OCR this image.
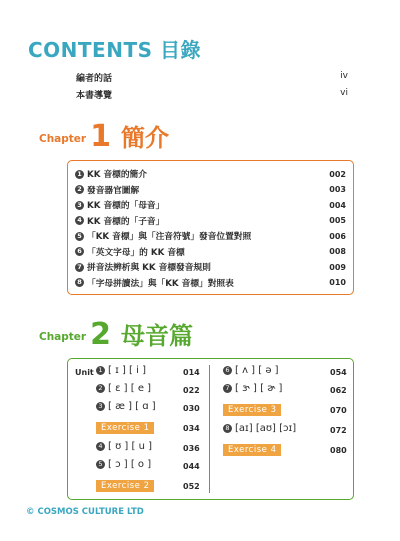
CONTENTS 目錄
編者的話	iv
本書導覽	vi
Chapter 1 簡介
1 KK 音標的簡介	002
2 發音器官圖解	003
3 KK 音標的「母音」	004
4 KK 音標的「子音」	005
5 「KK 音標」與「注音符號」發音位置對照	006
6 「英文字母」的 KK 音標	008
7 拼音法辨析與 KK 音標發音規則	009
8 「字母拼讀法」與「KK 音標」對照表	010
Chapter 2 母音篇
Unit 1 [ ɪ ] [ i ]	014
2 [ ɛ ] [ e ]	022
3 [ æ ] [ ɑ ]	030
Exercise 1	034
4 [ ʊ ] [ u ]	036
5 [ ɔ ] [ o ]	044
Exercise 2	052
6 [ ʌ ] [ ə ]	054
7 [ ɝ ] [ ɚ ]	062
Exercise 3	070
8 [aɪ] [aʊ] [ɔɪ]	072
Exercise 4	080
© COSMOS CULTURE LTD
